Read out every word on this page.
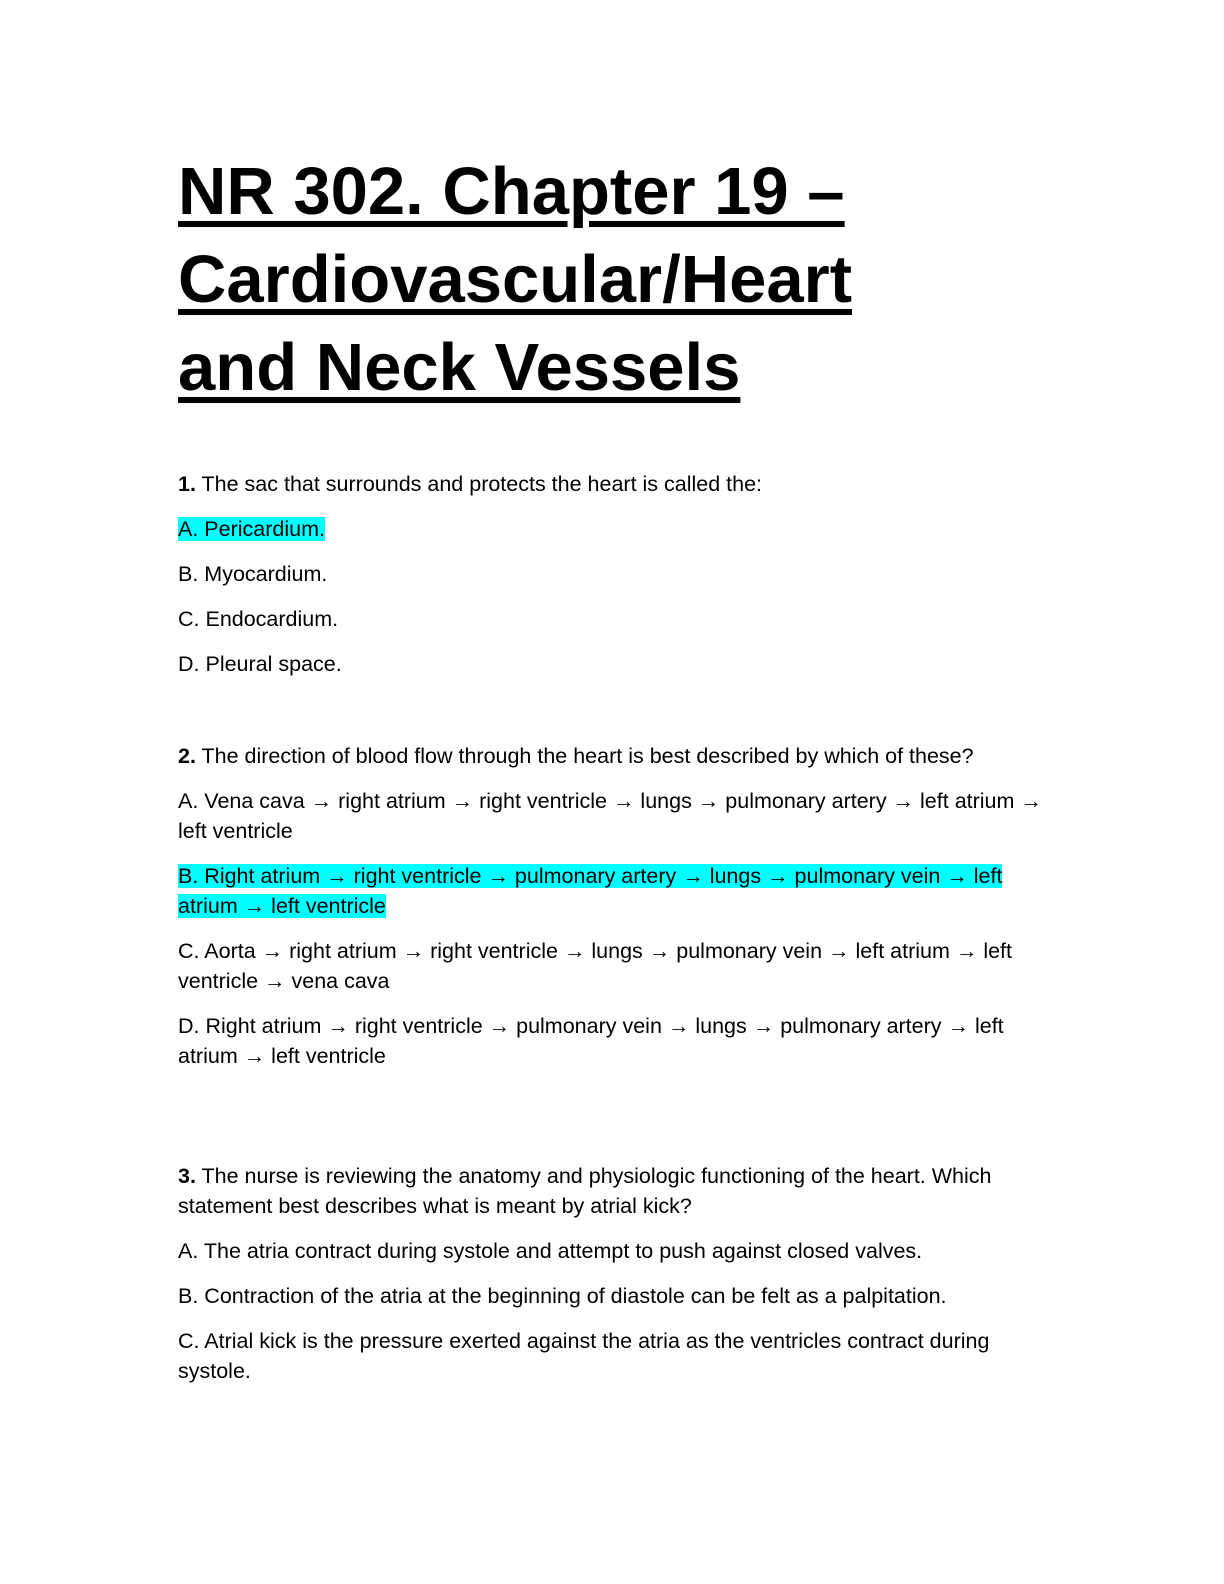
NR 302. Chapter 19 –
Cardiovascular/Heart
and Neck Vessels

1. The sac that surrounds and protects the heart is called the:

A. Pericardium.

B. Myocardium.

C. Endocardium.

D. Pleural space.

2. The direction of blood flow through the heart is best described by which of these?

A. Vena cava → right atrium → right ventricle → lungs → pulmonary artery → left atrium → left ventricle

B. Right atrium → right ventricle → pulmonary artery → lungs → pulmonary vein → left atrium → left ventricle

C. Aorta → right atrium → right ventricle → lungs → pulmonary vein → left atrium → left ventricle → vena cava

D. Right atrium → right ventricle → pulmonary vein → lungs → pulmonary artery → left atrium → left ventricle

3. The nurse is reviewing the anatomy and physiologic functioning of the heart. Which statement best describes what is meant by atrial kick?

A. The atria contract during systole and attempt to push against closed valves.

B. Contraction of the atria at the beginning of diastole can be felt as a palpitation.

C. Atrial kick is the pressure exerted against the atria as the ventricles contract during systole.
